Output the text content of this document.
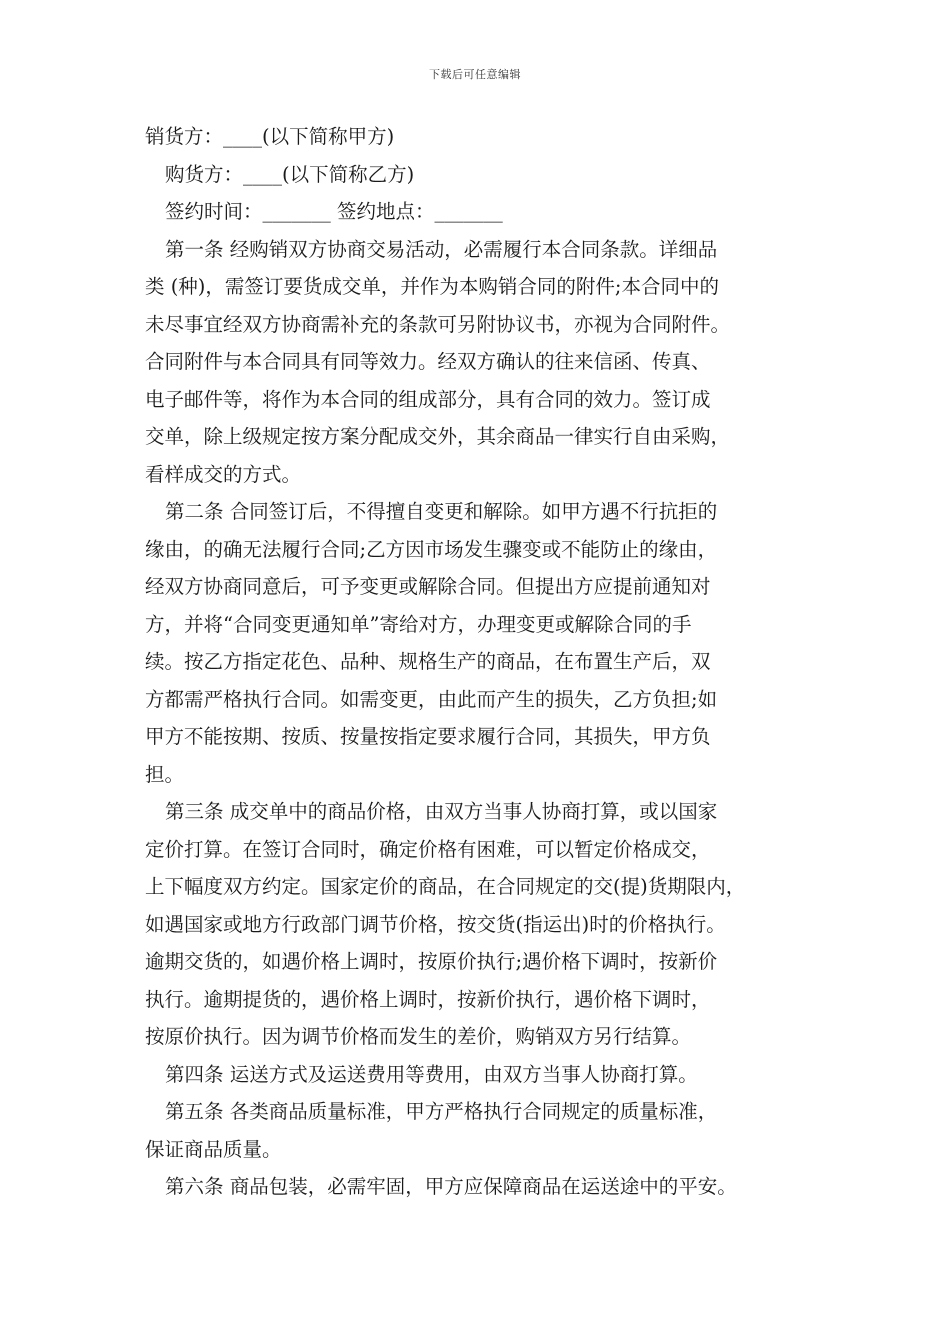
下载后可任意编辑
销货方：____(以下简称甲方)
购货方：____(以下简称乙方)
签约时间：_______ 签约地点：_______
第一条 经购销双方协商交易活动，必需履行本合同条款。详细品
类 (种)，需签订要货成交单，并作为本购销合同的附件;本合同中的
未尽事宜经双方协商需补充的条款可另附协议书，亦视为合同附件。
合同附件与本合同具有同等效力。经双方确认的往来信函、传真、
电子邮件等，将作为本合同的组成部分，具有合同的效力。签订成
交单，除上级规定按方案分配成交外，其余商品一律实行自由采购，
看样成交的方式。
第二条 合同签订后，不得擅自变更和解除。如甲方遇不行抗拒的
缘由，的确无法履行合同;乙方因市场发生骤变或不能防止的缘由，
经双方协商同意后，可予变更或解除合同。但提出方应提前通知对
方，并将“合同变更通知单”寄给对方，办理变更或解除合同的手
续。按乙方指定花色、品种、规格生产的商品，在布置生产后，双
方都需严格执行合同。如需变更，由此而产生的损失，乙方负担;如
甲方不能按期、按质、按量按指定要求履行合同，其损失，甲方负
担。
第三条 成交单中的商品价格，由双方当事人协商打算，或以国家
定价打算。在签订合同时，确定价格有困难，可以暂定价格成交，
上下幅度双方约定。国家定价的商品，在合同规定的交(提)货期限内，
如遇国家或地方行政部门调节价格，按交货(指运出)时的价格执行。
逾期交货的，如遇价格上调时，按原价执行;遇价格下调时，按新价
执行。逾期提货的，遇价格上调时，按新价执行，遇价格下调时，
按原价执行。因为调节价格而发生的差价，购销双方另行结算。
第四条 运送方式及运送费用等费用，由双方当事人协商打算。
第五条 各类商品质量标准，甲方严格执行合同规定的质量标准，
保证商品质量。
第六条 商品包装，必需牢固，甲方应保障商品在运送途中的平安。
